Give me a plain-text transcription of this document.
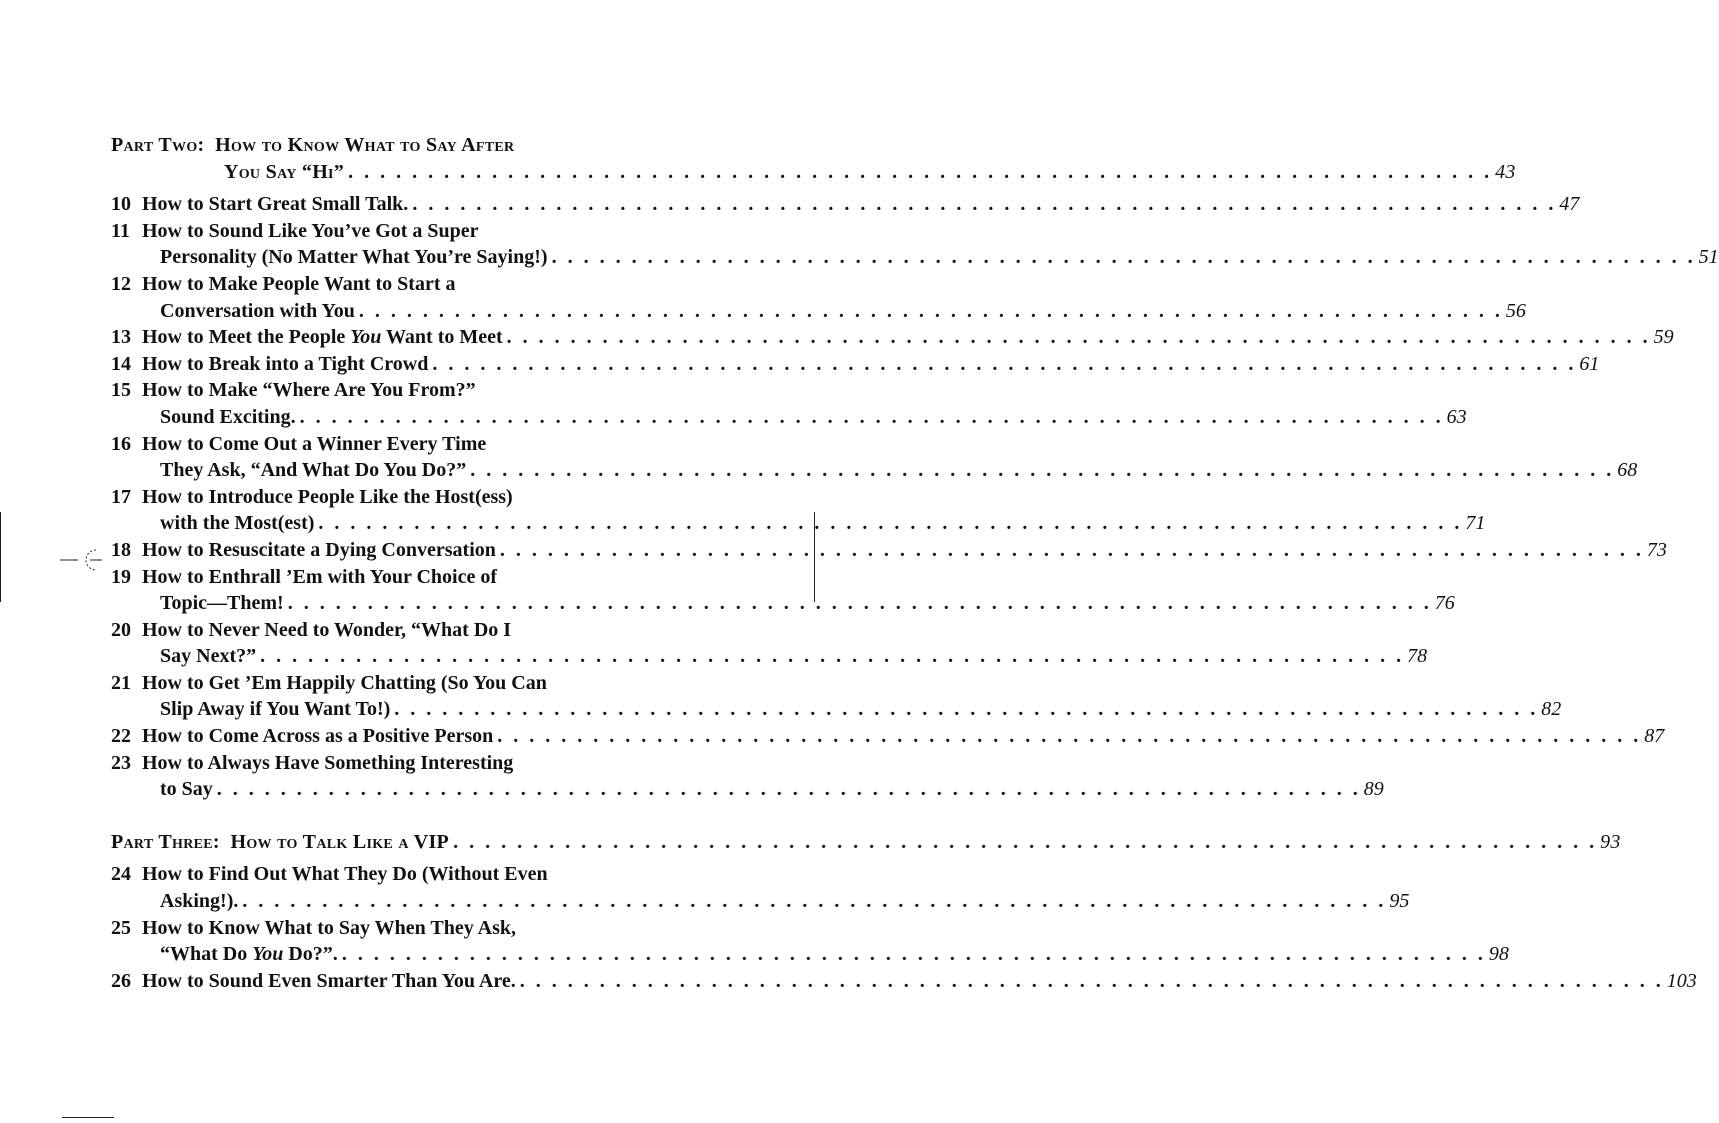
Part Two:
How to Know What to Say After
You Say “Hi” . . . . . . . . . . . . . . . . . . . . . . . . . . . . . . . . . . . . . . . . . . . . . . . . . . . . . . . . . . . . . . . . . . . . . . . . 43
10 How to Start Great Small Talk. . . . . . . . . . . . . . . . . . . . . . . . . . . . . . . . . . . . . . . . . . . . . . . . . . . . . . . . . . . . . . . . . . . . . . . . . 47
11 How to Sound Like You’ve Got a Super
Personality (No Matter What You’re Saying!) . . . . . . . . . . . . . . . . . . . . . . . . . . . . . . . . . . . . . . . . . . . . . . . . . . . . . . . . . . . . . . . . . . . . . . . . 51
12 How to Make People Want to Start a
Conversation with You . . . . . . . . . . . . . . . . . . . . . . . . . . . . . . . . . . . . . . . . . . . . . . . . . . . . . . . . . . . . . . . . . . . . . . . . 56
13 How to Meet the People You Want to Meet . . . . . . . . . . . . . . . . . . . . . . . . . . . . . . . . . . . . . . . . . . . . . . . . . . . . . . . . . . . . . . . . . . . . . . . . 59
14 How to Break into a Tight Crowd . . . . . . . . . . . . . . . . . . . . . . . . . . . . . . . . . . . . . . . . . . . . . . . . . . . . . . . . . . . . . . . . . . . . . . . . 61
15 How to Make “Where Are You From?”
Sound Exciting. . . . . . . . . . . . . . . . . . . . . . . . . . . . . . . . . . . . . . . . . . . . . . . . . . . . . . . . . . . . . . . . . . . . . . . . . 63
16 How to Come Out a Winner Every Time
They Ask, “And What Do You Do?” . . . . . . . . . . . . . . . . . . . . . . . . . . . . . . . . . . . . . . . . . . . . . . . . . . . . . . . . . . . . . . . . . . . . . . . . 68
17 How to Introduce People Like the Host(ess)
with the Most(est) . . . . . . . . . . . . . . . . . . . . . . . . . . . . . . . . . . . . . . . . . . . . . . . . . . . . . . . . . . . . . . . . . . . . . . . . 71
18 How to Resuscitate a Dying Conversation . . . . . . . . . . . . . . . . . . . . . . . . . . . . . . . . . . . . . . . . . . . . . . . . . . . . . . . . . . . . . . . . . . . . . . . . 73
19 How to Enthrall ’Em with Your Choice of
Topic—Them! . . . . . . . . . . . . . . . . . . . . . . . . . . . . . . . . . . . . . . . . . . . . . . . . . . . . . . . . . . . . . . . . . . . . . . . . 76
20 How to Never Need to Wonder, “What Do I
Say Next?” . . . . . . . . . . . . . . . . . . . . . . . . . . . . . . . . . . . . . . . . . . . . . . . . . . . . . . . . . . . . . . . . . . . . . . . . 78
21 How to Get ’Em Happily Chatting (So You Can
Slip Away if You Want To!) . . . . . . . . . . . . . . . . . . . . . . . . . . . . . . . . . . . . . . . . . . . . . . . . . . . . . . . . . . . . . . . . . . . . . . . . 82
22 How to Come Across as a Positive Person . . . . . . . . . . . . . . . . . . . . . . . . . . . . . . . . . . . . . . . . . . . . . . . . . . . . . . . . . . . . . . . . . . . . . . . . 87
23 How to Always Have Something Interesting
to Say . . . . . . . . . . . . . . . . . . . . . . . . . . . . . . . . . . . . . . . . . . . . . . . . . . . . . . . . . . . . . . . . . . . . . . . . 89
Part Three: How to Talk Like a VIP . . . . . . . . . . . . . . . . . . . . . . . . . . . . . . . . . . . . . . . . . . . . . . . . . . . . . . . . . . . . . . . . . . . . . . . . 93
24 How to Find Out What They Do (Without Even
Asking!). . . . . . . . . . . . . . . . . . . . . . . . . . . . . . . . . . . . . . . . . . . . . . . . . . . . . . . . . . . . . . . . . . . . . . . . . 95
25 How to Know What to Say When They Ask,
“What Do You Do?”. . . . . . . . . . . . . . . . . . . . . . . . . . . . . . . . . . . . . . . . . . . . . . . . . . . . . . . . . . . . . . . . . . . . . . . . . 98
26 How to Sound Even Smarter Than You Are. . . . . . . . . . . . . . . . . . . . . . . . . . . . . . . . . . . . . . . . . . . . . . . . . . . . . . . . . . . . . . . . . . . . . . . . . 103
